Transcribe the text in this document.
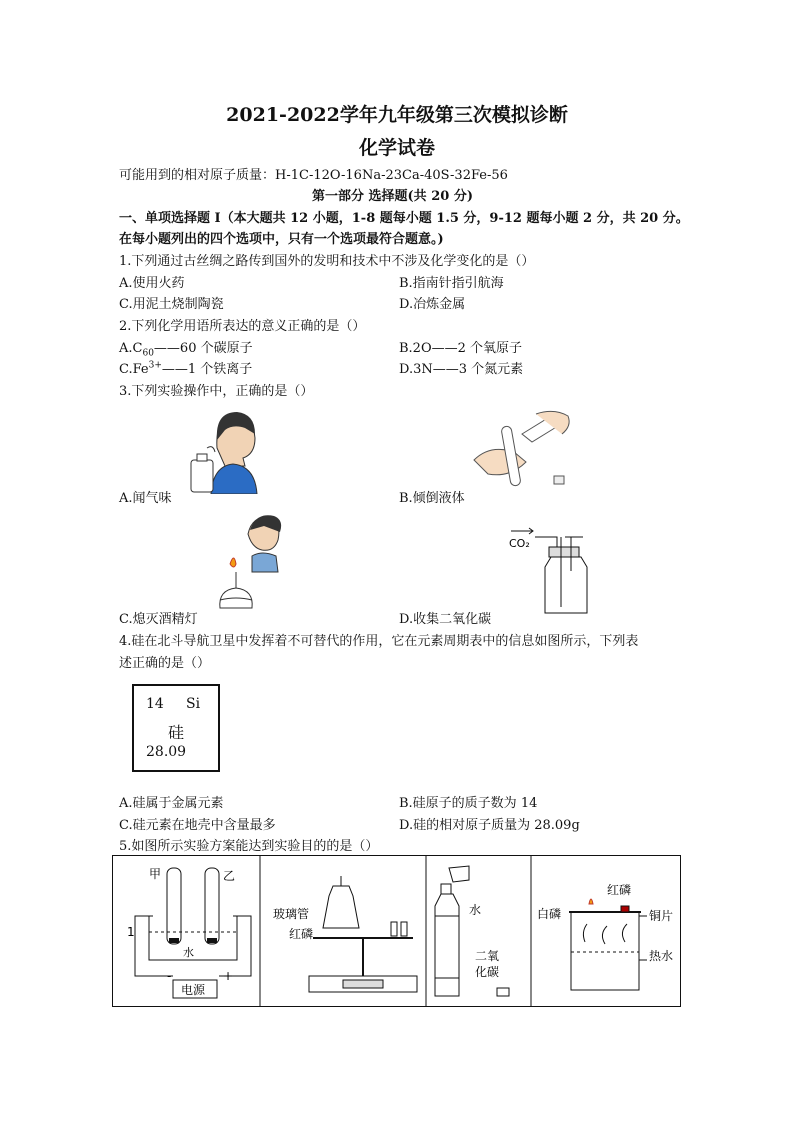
2021-2022学年九年级第三次模拟诊断
化学试卷
可能用到的相对原子质量：H-1C-12O-16Na-23Ca-40S-32Fe-56
第一部分 选择题(共 20 分)
一、单项选择题 I（本大题共 12 小题，1-8 题每小题 1.5 分，9-12 题每小题 2 分，共 20 分。
在每小题列出的四个选项中，只有一个选项最符合题意。)
1.下列通过古丝绸之路传到国外的发明和技术中不涉及化学变化的是（）
A.使用火药	B.指南针指引航海
C.用泥土烧制陶瓷	D.冶炼金属
2.下列化学用语所表达的意义正确的是（）
$A.C_{60}——60$ 个碳原子	B.2O——2 个氧原子
$C.Fe^{3+}——1$ 个铁离子	D.3N——3 个氮元素
3.下列实验操作中，正确的是（）
A.闻气味	B.倾倒液体
C.熄灭酒精灯
CO₂
D.收集二氧化碳
4.硅在北斗导航卫星中发挥着不可替代的作用，它在元素周期表中的信息如图所示，下列表
述正确的是（）
14 Si
硅
28.09
A.硅属于金属元素	B.硅原子的质子数为 14
C.硅元素在地壳中含量最多	D.硅的相对原子质量为 28.09g
5.如图所示实验方案能达到实验目的的是（）
甲	乙
1
水
电源
-	+
玻璃管
红磷
水
二氧
化碳
红磷
白磷	铜片
热水
